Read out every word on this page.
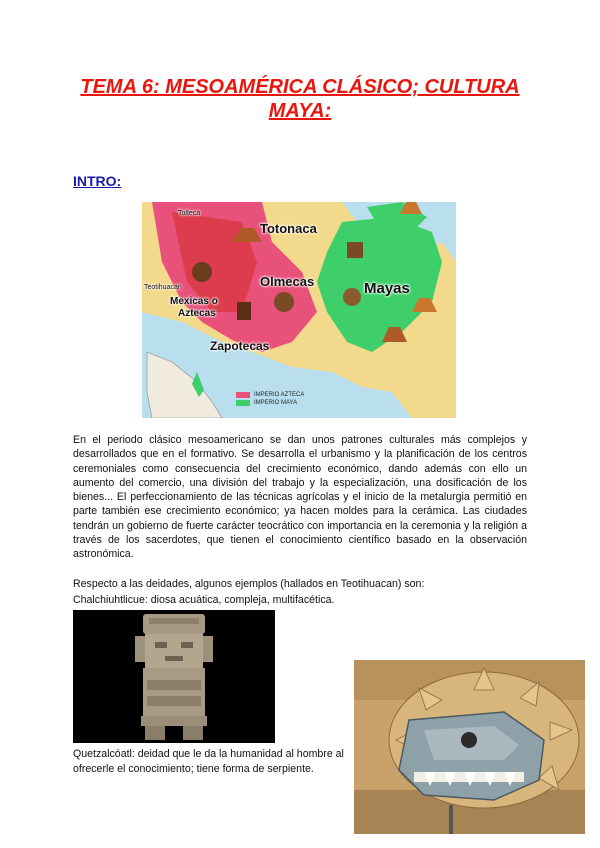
TEMA 6: MESOAMÉRICA CLÁSICO; CULTURA
MAYA:
INTRO:
Totonaca
Olmecas	Mayas
Mexicas o
Aztecas
Zapotecas
Tolteca
Teotihuacan
IMPERIO AZTECA
IMPERIO MAYA
En el periodo clásico mesoamericano se dan unos patrones culturales más complejos y desarrollados que en el formativo. Se desarrolla el urbanismo y la planificación de los centros ceremoniales como consecuencia del crecimiento económico, dando además con ello un aumento del comercio, una división del trabajo y la especialización, una dosificación de los bienes... El perfeccionamiento de las técnicas agrícolas y el inicio de la metalurgia permitió en parte también ese crecimiento económico; ya hacen moldes para la cerámica. Las ciudades tendrán un gobierno de fuerte carácter teocrático con importancia en la ceremonia y la religión a través de los sacerdotes, que tienen el conocimiento científico basado en la observación astronómica.
Respecto a las deidades, algunos ejemplos (hallados en Teotihuacan) son:
Chalchiuhtlicue: diosa acuática, compleja, multifacética.
Quetzalcóatl: deidad que le da la humanidad al hombre al ofrecerle el conocimiento; tiene forma de serpiente.
